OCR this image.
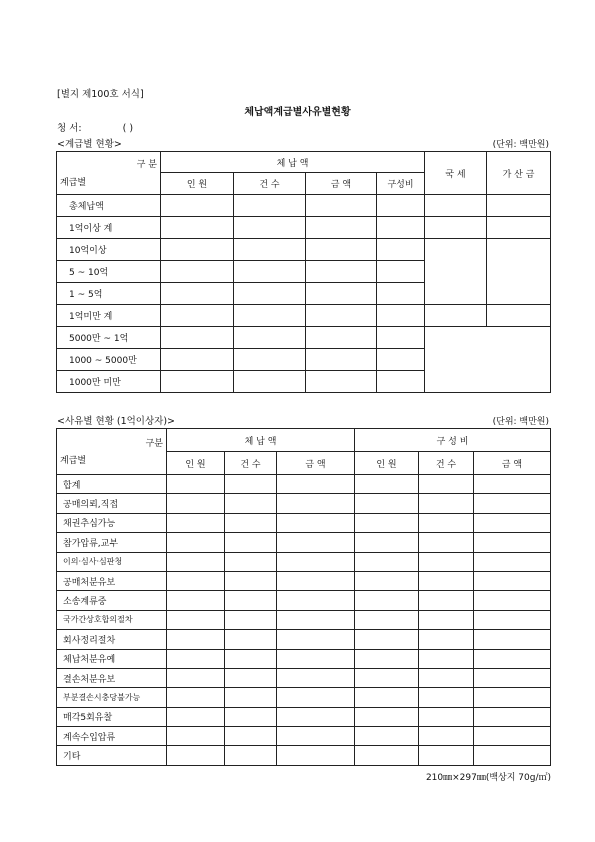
[별지 제100호 서식]
체납액계급별사유별현황
청 서:	( )
<계급별 현황>	(단위: 백만원)
구 분
계급별	체 납 액				국 세	가 산 금
	인 원	건 수	금 액	구성비		
총체납액						
1억이상 계						
10억이상						
5 ~ 10억						
1 ~ 5억						
1억미만 계						
5000만 ~ 1억						
1000 ~ 5000만						
1000만 미만						
<사유별 현황 (1억이상자)>	(단위: 백만원)
구분
계급별	체 납 액			구 성 비		
	인 원	건 수	금 액	인 원	건 수	금 액
합계						
공매의뢰,직접						
채권추심가능						
참가압류,교부						
이의·심사·심판청						
공매처분유보						
소송계류중						
국가간상호합의절차						
회사정리절차						
체납처분유예						
결손처분유보						
부분결손시충당불가능						
매각5회유찰						
계속수입압류						
기타						
210㎜×297㎜(백상지 70g/㎡)
